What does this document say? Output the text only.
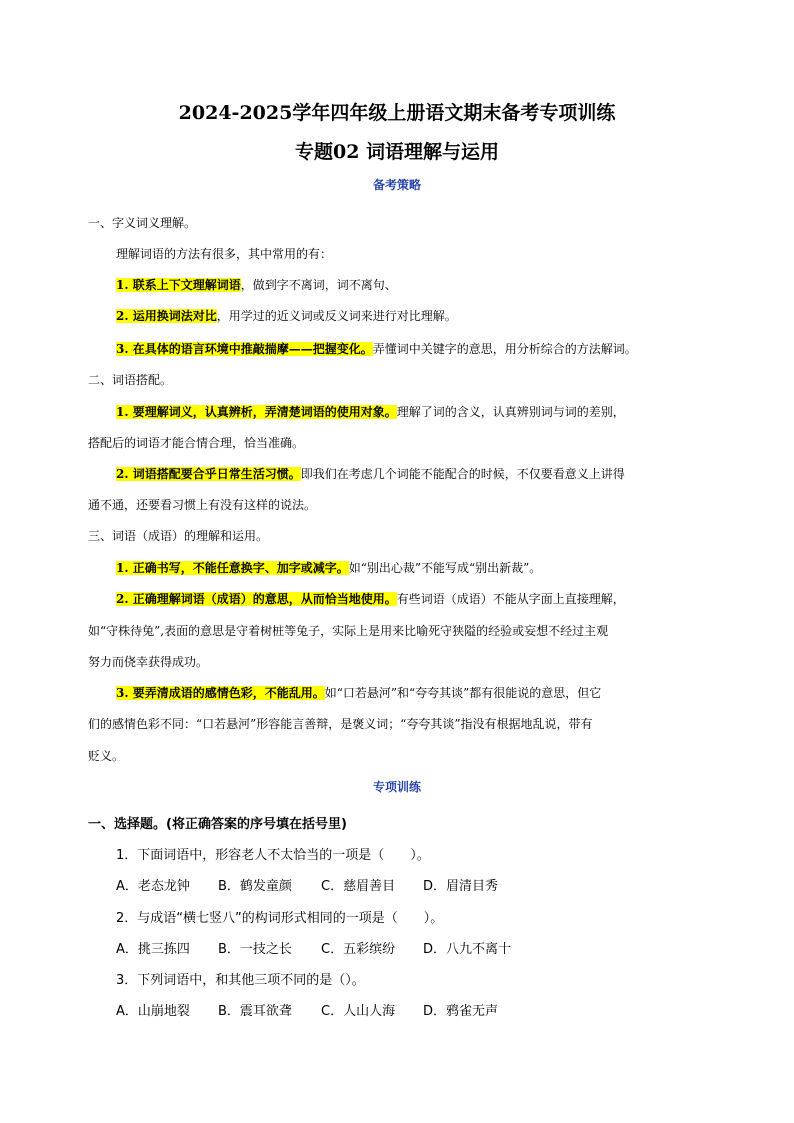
2024-2025学年四年级上册语文期末备考专项训练
专题02 词语理解与运用
备考策略
一、字义词义理解。
理解词语的方法有很多，其中常用的有：
1. 联系上下文理解词语，做到字不离词，词不离句、
2. 运用换词法对比，用学过的近义词或反义词来进行对比理解。
3. 在具体的语言环境中推敲揣摩——把握变化。弄懂词中关键字的意思，用分析综合的方法解词。
二、词语搭配。
1. 要理解词义，认真辨析，弄清楚词语的使用对象。理解了词的含义，认真辨别词与词的差别，
搭配后的词语才能合情合理，恰当准确。
2. 词语搭配要合乎日常生活习惯。即我们在考虑几个词能不能配合的时候，不仅要看意义上讲得
通不通，还要看习惯上有没有这样的说法。
三、词语（成语）的理解和运用。
1. 正确书写，不能任意换字、加字或减字。如“别出心裁”不能写成“别出新裁”。
2. 正确理解词语（成语）的意思，从而恰当地使用。有些词语（成语）不能从字面上直接理解，
如“守株待兔”,表面的意思是守着树桩等兔子，实际上是用来比喻死守狭隘的经验或妄想不经过主观
努力而侥幸获得成功。
3. 要弄清成语的感情色彩，不能乱用。如“口若悬河”和“夸夸其谈”都有很能说的意思，但它
们的感情色彩不同：“口若悬河”形容能言善辩，是褒义词；“夸夸其谈”指没有根据地乱说，带有
贬义。
专项训练
一、选择题。(将正确答案的序号填在括号里)
1．下面词语中，形容老人不太恰当的一项是（　　）。
A．老态龙钟 B．鹤发童颜 C．慈眉善目 D．眉清目秀
2．与成语“横七竖八”的构词形式相同的一项是（　　）。
A．挑三拣四 B．一技之长 C．五彩缤纷 D．八九不离十
3．下列词语中，和其他三项不同的是（）。
A．山崩地裂 B．震耳欲聋 C．人山人海 D．鸦雀无声
